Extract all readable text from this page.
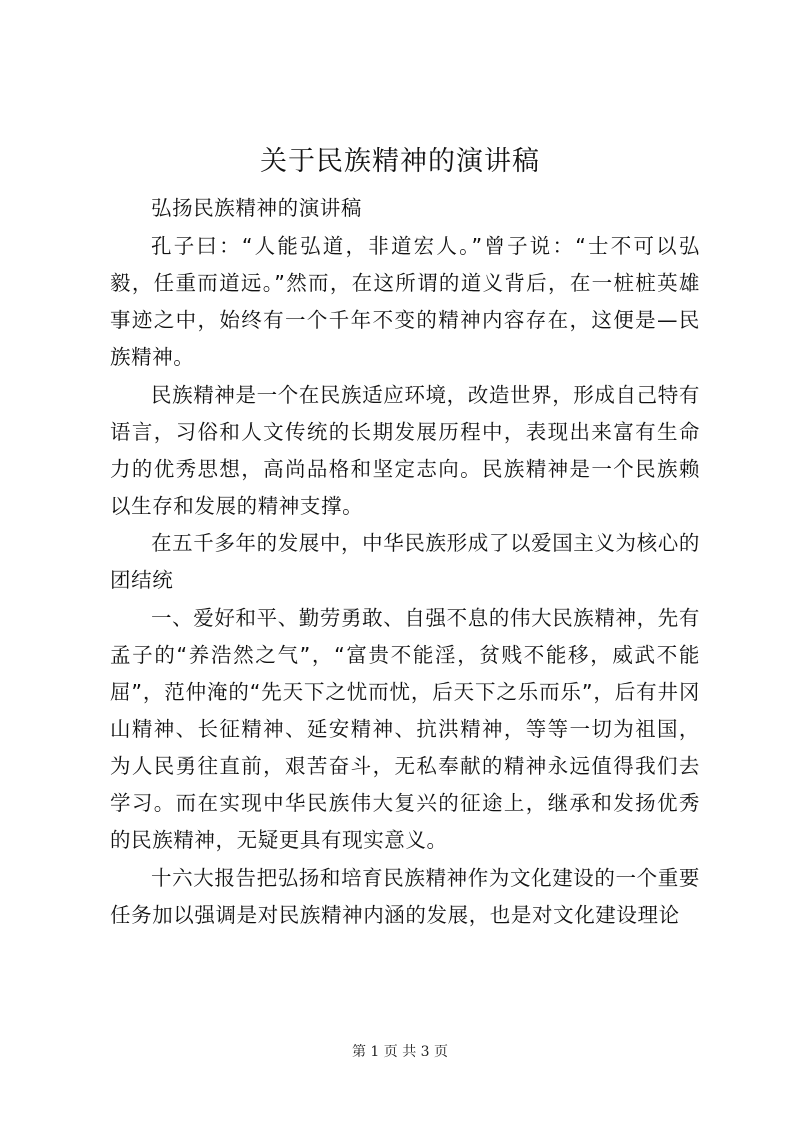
关于民族精神的演讲稿

弘扬民族精神的演讲稿

孔子曰：“人能弘道，非道宏人。”曾子说：“士不可以弘毅，任重而道远。”然而，在这所谓的道义背后，在一桩桩英雄事迹之中，始终有一个千年不变的精神内容存在，这便是—民族精神。

民族精神是一个在民族适应环境，改造世界，形成自己特有语言，习俗和人文传统的长期发展历程中，表现出来富有生命力的优秀思想，高尚品格和坚定志向。民族精神是一个民族赖以生存和发展的精神支撑。

在五千多年的发展中，中华民族形成了以爱国主义为核心的团结统

一、爱好和平、勤劳勇敢、自强不息的伟大民族精神，先有孟子的“养浩然之气”，“富贵不能淫，贫贱不能移，威武不能屈”，范仲淹的“先天下之忧而忧，后天下之乐而乐”，后有井冈山精神、长征精神、延安精神、抗洪精神，等等一切为祖国，为人民勇往直前，艰苦奋斗，无私奉献的精神永远值得我们去学习。而在实现中华民族伟大复兴的征途上，继承和发扬优秀的民族精神，无疑更具有现实意义。

十六大报告把弘扬和培育民族精神作为文化建设的一个重要任务加以强调是对民族精神内涵的发展，也是对文化建设理论

第 1 页 共 3 页
